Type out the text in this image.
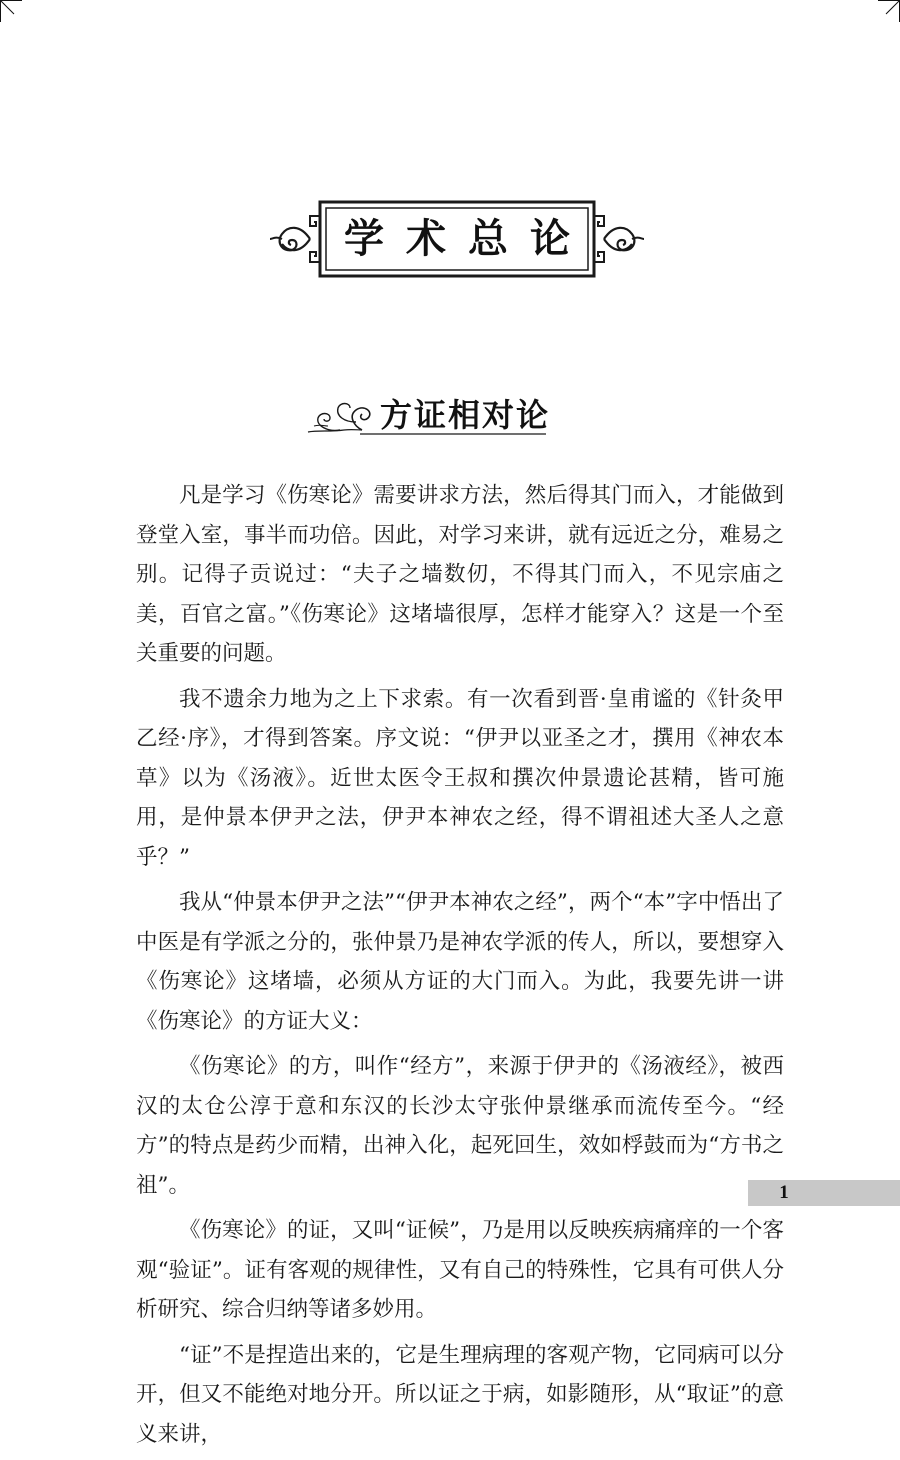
学术总论
方证相对论

凡是学习《伤寒论》需要讲求方法，然后得其门而入，才能做到登堂入室，事半而功倍。因此，对学习来讲，就有远近之分，难易之别。记得子贡说过：“夫子之墙数仞，不得其门而入，不见宗庙之美，百官之富。”《伤寒论》这堵墙很厚，怎样才能穿入？这是一个至关重要的问题。

我不遗余力地为之上下求索。有一次看到晋·皇甫谧的《针灸甲乙经·序》，才得到答案。序文说：“伊尹以亚圣之才，撰用《神农本草》以为《汤液》。近世太医令王叔和撰次仲景遗论甚精，皆可施用，是仲景本伊尹之法，伊尹本神农之经，得不谓祖述大圣人之意乎？”

我从“仲景本伊尹之法”“伊尹本神农之经”，两个“本”字中悟出了中医是有学派之分的，张仲景乃是神农学派的传人，所以，要想穿入《伤寒论》这堵墙，必须从方证的大门而入。为此，我要先讲一讲《伤寒论》的方证大义：

《伤寒论》的方，叫作“经方”，来源于伊尹的《汤液经》，被西汉的太仓公淳于意和东汉的长沙太守张仲景继承而流传至今。“经方”的特点是药少而精，出神入化，起死回生，效如桴鼓而为“方书之祖”。

《伤寒论》的证，又叫“证候”，乃是用以反映疾病痛痒的一个客观“验证”。证有客观的规律性，又有自己的特殊性，它具有可供人分析研究、综合归纳等诸多妙用。

“证”不是捏造出来的，它是生理病理的客观产物，它同病可以分开，但又不能绝对地分开。所以证之于病，如影随形，从“取证”的意义来讲，

1
